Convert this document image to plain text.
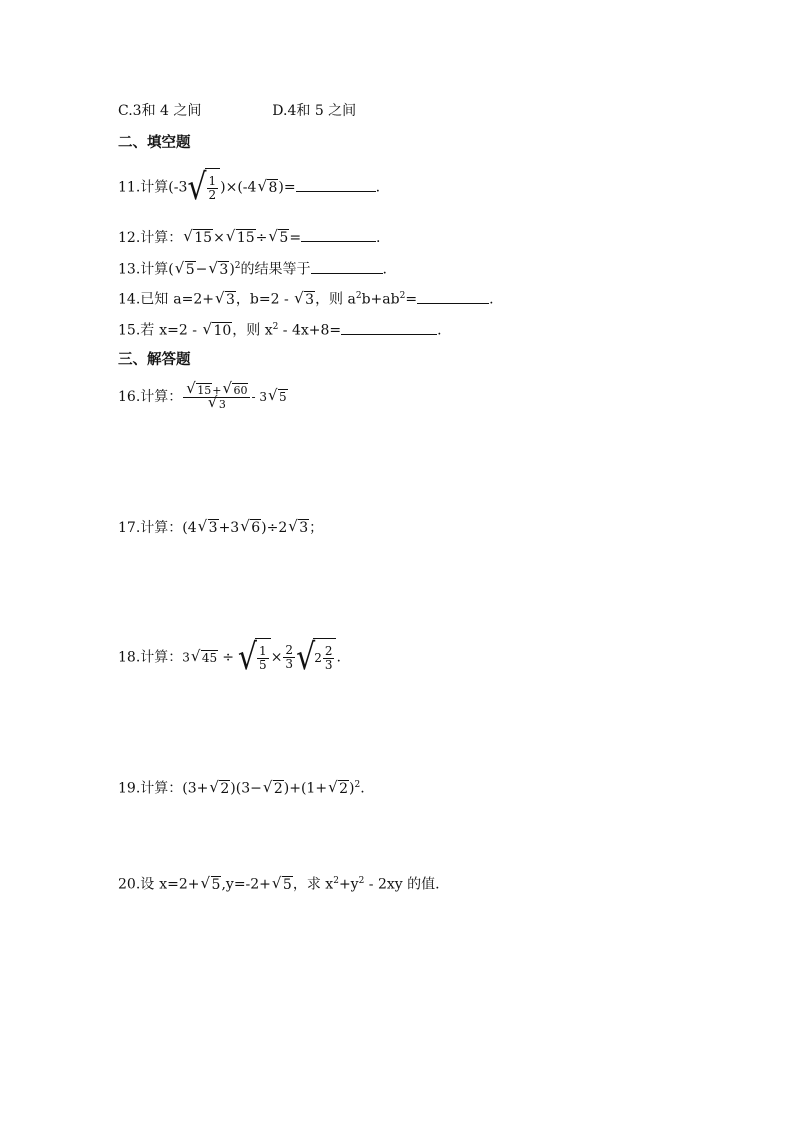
C.3和 4 之间	D.4和 5 之间
二、填空题
11.计算(-3 √ $\frac{1}{2} )\times(-4√$ 8)=	.
12.计算：√ 15×√ 15÷√ 5=	.
13.计算(√ 5−√ 3)$^2$的结果等于	.
14.已知 a=2+√ 3，b=2 - √ 3，则 $a^2b+ab^2=$	.
15.若 x=2 - √ 10，则 $x^2 - 4x+8=$	.
三、解答题
16.计算：
√ 15+√ 60
√ 3 - 3√ 5
17.计算：(4√ 3+3√ 6)÷2√ 3；
18.计算：3√ 45 ÷ √ $\frac{1}{5} \times \frac{2}{3}$ √ $2 \frac{2}{3}$ .
19.计算：(3+√ 2)(3−√ 2)+(1+√ 2)$^2$.
20.设 x=2+√ 5,y=-2+√ 5，求 $x^2+y^2 - 2xy$ 的值.
